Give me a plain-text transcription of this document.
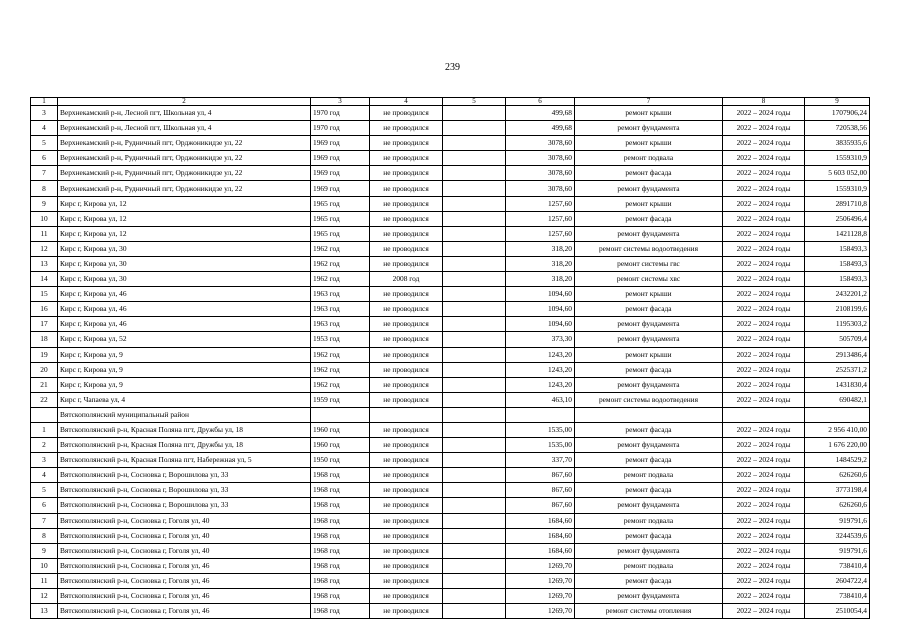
239
1	2	3	4	5	6	7	8	9
3	Верхнекамский р-н, Лесной пгт, Школьная ул, 4	1970 год	не проводился		499,68	ремонт крыши	2022 – 2024 годы	1707906,24
4	Верхнекамский р-н, Лесной пгт, Школьная ул, 4	1970 год	не проводился		499,68	ремонт фундамента	2022 – 2024 годы	720538,56
5	Верхнекамский р-н, Рудничный пгт, Орджоникидзе ул, 22	1969 год	не проводился		3078,60	ремонт крыши	2022 – 2024 годы	3835935,6
6	Верхнекамский р-н, Рудничный пгт, Орджоникидзе ул, 22	1969 год	не проводился		3078,60	ремонт подвала	2022 – 2024 годы	1559310,9
7	Верхнекамский р-н, Рудничный пгт, Орджоникидзе ул, 22	1969 год	не проводился		3078,60	ремонт фасада	2022 – 2024 годы	5 603 052,00
8	Верхнекамский р-н, Рудничный пгт, Орджоникидзе ул, 22	1969 год	не проводился		3078,60	ремонт фундамента	2022 – 2024 годы	1559310,9
9	Кирс г, Кирова ул, 12	1965 год	не проводился		1257,60	ремонт крыши	2022 – 2024 годы	2891710,8
10	Кирс г, Кирова ул, 12	1965 год	не проводился		1257,60	ремонт фасада	2022 – 2024 годы	2506496,4
11	Кирс г, Кирова ул, 12	1965 год	не проводился		1257,60	ремонт фундамента	2022 – 2024 годы	1421128,8
12	Кирс г, Кирова ул, 30	1962 год	не проводился		318,20	ремонт системы водоотведения	2022 – 2024 годы	158493,3
13	Кирс г, Кирова ул, 30	1962 год	не проводился		318,20	ремонт системы гвс	2022 – 2024 годы	158493,3
14	Кирс г, Кирова ул, 30	1962 год	2008 год		318,20	ремонт системы хвс	2022 – 2024 годы	158493,3
15	Кирс г, Кирова ул, 46	1963 год	не проводился		1094,60	ремонт крыши	2022 – 2024 годы	2432201,2
16	Кирс г, Кирова ул, 46	1963 год	не проводился		1094,60	ремонт фасада	2022 – 2024 годы	2108199,6
17	Кирс г, Кирова ул, 46	1963 год	не проводился		1094,60	ремонт фундамента	2022 – 2024 годы	1195303,2
18	Кирс г, Кирова ул, 52	1953 год	не проводился		373,30	ремонт фундамента	2022 – 2024 годы	505709,4
19	Кирс г, Кирова ул, 9	1962 год	не проводился		1243,20	ремонт крыши	2022 – 2024 годы	2913486,4
20	Кирс г, Кирова ул, 9	1962 год	не проводился		1243,20	ремонт фасада	2022 – 2024 годы	2525371,2
21	Кирс г, Кирова ул, 9	1962 год	не проводился		1243,20	ремонт фундамента	2022 – 2024 годы	1431830,4
22	Кирс г, Чапаева ул, 4	1959 год	не проводился		463,10	ремонт системы водоотведения	2022 – 2024 годы	690482,1
	Вятскополянский муниципальный район							
1	Вятскополянский р-н, Красная Поляна пгт, Дружбы ул, 18	1960 год	не проводился		1535,00	ремонт фасада	2022 – 2024 годы	2 956 410,00
2	Вятскополянский р-н, Красная Поляна пгт, Дружбы ул, 18	1960 год	не проводился		1535,00	ремонт фундамента	2022 – 2024 годы	1 676 220,00
3	Вятскополянский р-н, Красная Поляна пгт, Набережная ул, 5	1950 год	не проводился		337,70	ремонт фасада	2022 – 2024 годы	1484529,2
4	Вятскополянский р-н, Сосновка г, Ворошилова ул, 33	1968 год	не проводился		867,60	ремонт подвала	2022 – 2024 годы	626260,6
5	Вятскополянский р-н, Сосновка г, Ворошилова ул, 33	1968 год	не проводился		867,60	ремонт фасада	2022 – 2024 годы	3773198,4
6	Вятскополянский р-н, Сосновка г, Ворошилова ул, 33	1968 год	не проводился		867,60	ремонт фундамента	2022 – 2024 годы	626260,6
7	Вятскополянский р-н, Сосновка г, Гоголя ул, 40	1968 год	не проводился		1684,60	ремонт подвала	2022 – 2024 годы	919791,6
8	Вятскополянский р-н, Сосновка г, Гоголя ул, 40	1968 год	не проводился		1684,60	ремонт фасада	2022 – 2024 годы	3244539,6
9	Вятскополянский р-н, Сосновка г, Гоголя ул, 40	1968 год	не проводился		1684,60	ремонт фундамента	2022 – 2024 годы	919791,6
10	Вятскополянский р-н, Сосновка г, Гоголя ул, 46	1968 год	не проводился		1269,70	ремонт подвала	2022 – 2024 годы	738410,4
11	Вятскополянский р-н, Сосновка г, Гоголя ул, 46	1968 год	не проводился		1269,70	ремонт фасада	2022 – 2024 годы	2604722,4
12	Вятскополянский р-н, Сосновка г, Гоголя ул, 46	1968 год	не проводился		1269,70	ремонт фундамента	2022 – 2024 годы	738410,4
13	Вятскополянский р-н, Сосновка г, Гоголя ул, 46	1968 год	не проводился		1269,70	ремонт системы отопления	2022 – 2024 годы	2510054,4
